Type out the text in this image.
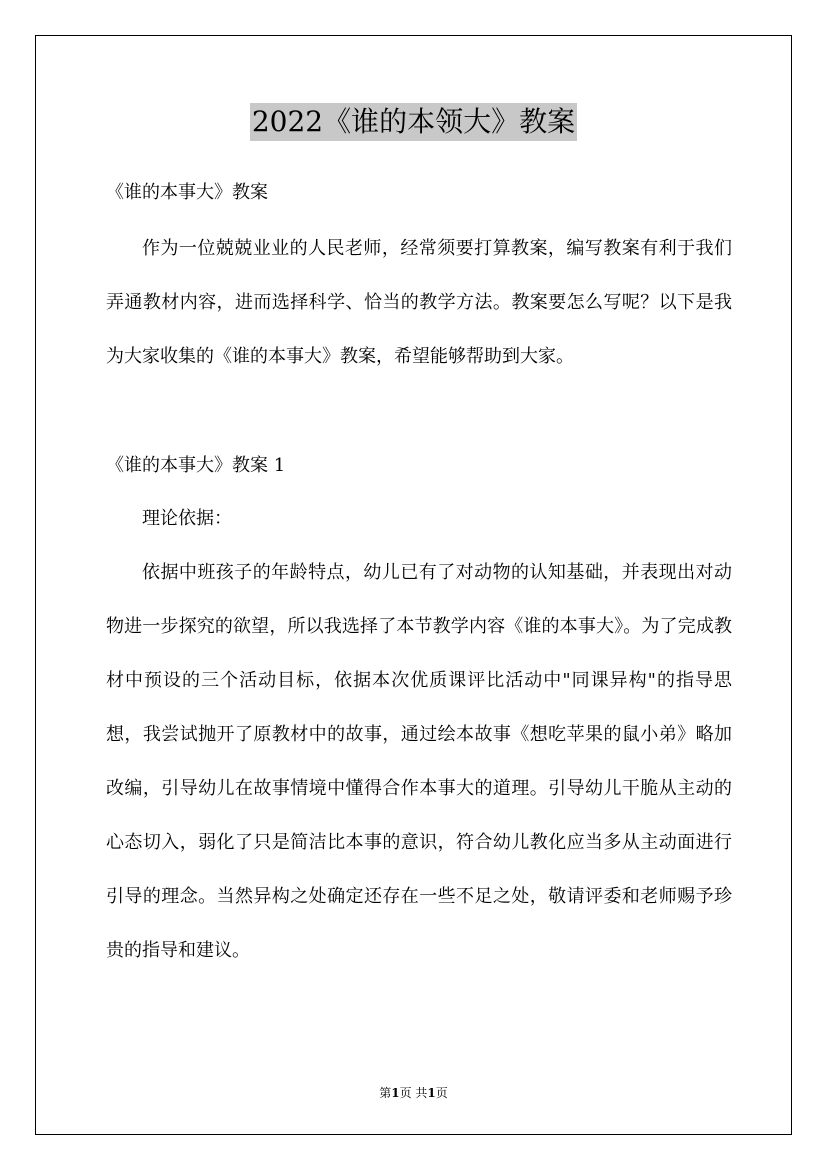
2022《谁的本领大》教案
《谁的本事大》教案
作为一位兢兢业业的人民老师，经常须要打算教案，编写教案有利于我们弄通教材内容，进而选择科学、恰当的教学方法。教案要怎么写呢？以下是我为大家收集的《谁的本事大》教案，希望能够帮助到大家。
《谁的本事大》教案 1
理论依据：
依据中班孩子的年龄特点，幼儿已有了对动物的认知基础，并表现出对动物进一步探究的欲望，所以我选择了本节教学内容《谁的本事大》。为了完成教材中预设的三个活动目标，依据本次优质课评比活动中"同课异构"的指导思想，我尝试抛开了原教材中的故事，通过绘本故事《想吃苹果的鼠小弟》略加改编，引导幼儿在故事情境中懂得合作本事大的道理。引导幼儿干脆从主动的心态切入，弱化了只是简洁比本事的意识，符合幼儿教化应当多从主动面进行引导的理念。当然异构之处确定还存在一些不足之处，敬请评委和老师赐予珍贵的指导和建议。
第1页 共1页
